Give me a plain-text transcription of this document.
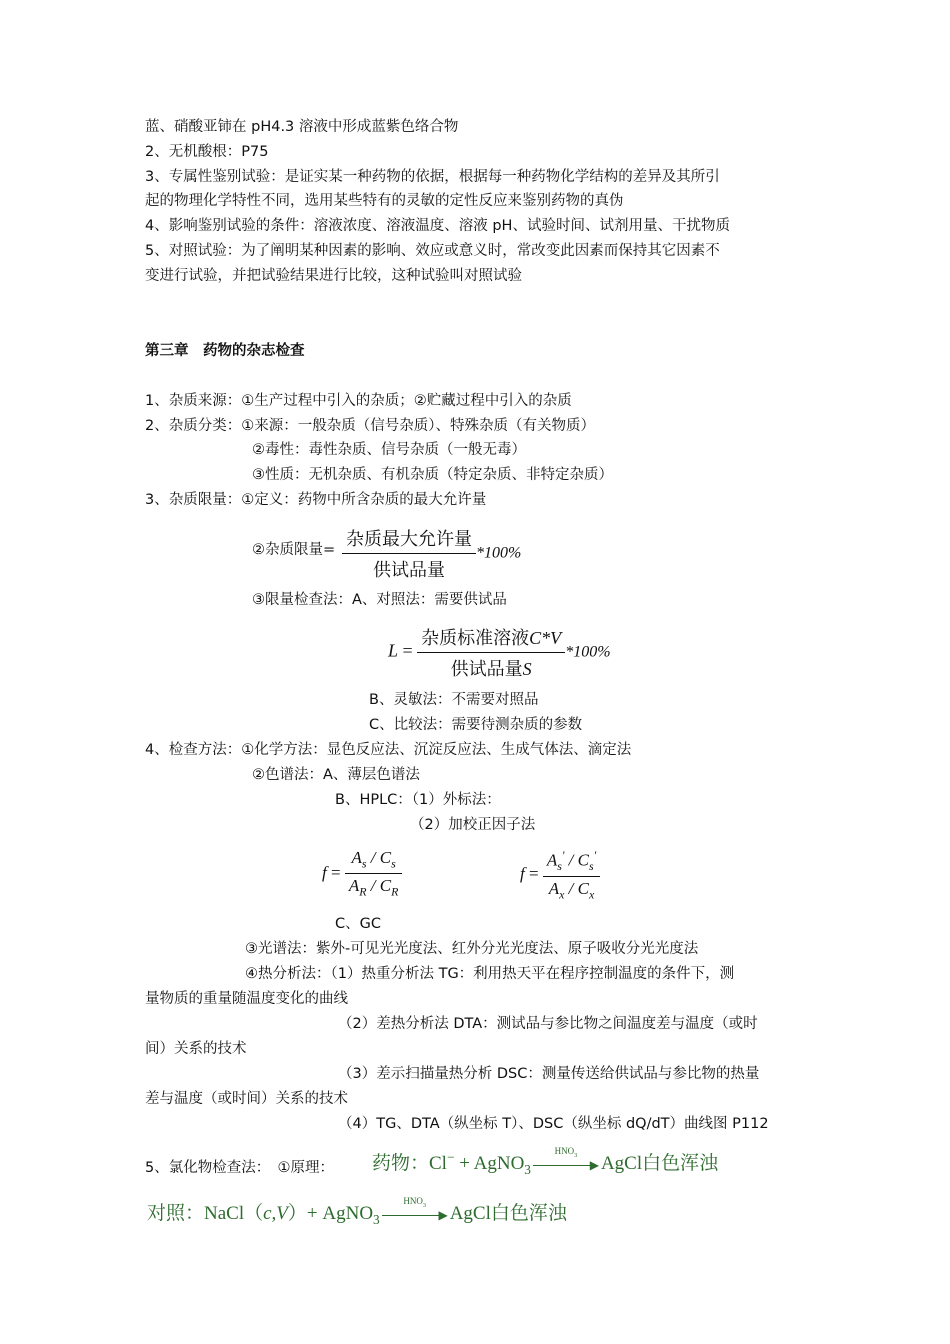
蓝、硝酸亚铈在 pH4.3 溶液中形成蓝紫色络合物
2、无机酸根：P75
3、专属性鉴别试验：是证实某一种药物的依据，根据每一种药物化学结构的差异及其所引
起的物理化学特性不同，选用某些特有的灵敏的定性反应来鉴别药物的真伪
4、影响鉴别试验的条件：溶液浓度、溶液温度、溶液 pH、试验时间、试剂用量、干扰物质
5、对照试验：为了阐明某种因素的影响、效应或意义时，常改变此因素而保持其它因素不
变进行试验，并把试验结果进行比较，这种试验叫对照试验
第三章　药物的杂志检查
1、杂质来源：①生产过程中引入的杂质；②贮藏过程中引入的杂质
2、杂质分类：①来源：一般杂质（信号杂质）、特殊杂质（有关物质）
②毒性：毒性杂质、信号杂质（一般无毒）
③性质：无机杂质、有机杂质（特定杂质、非特定杂质）
3、杂质限量：①定义：药物中所含杂质的最大允许量
②杂质限量= $\frac{\text{杂质最大允许量}}{\text{供试品量}} *100\%$
③限量检查法：A、对照法：需要供试品
$L = \frac{\text{杂质标准溶液C*V}}{\text{供试品量S}} *100\%$
B、灵敏法：不需要对照品
C、比较法：需要待测杂质的参数
4、检查方法：①化学方法：显色反应法、沉淀反应法、生成气体法、滴定法
②色谱法：A、薄层色谱法
B、HPLC：（1）外标法：
（2）加校正因子法
$f = \frac{A_s / C_s}{A_R / C_R}$	$f = \frac{A_s' / C_s'}{A_x / C_x}$
C、GC
③光谱法：紫外-可见光光度法、红外分光光度法、原子吸收分光光度法
④热分析法：（1）热重分析法 TG：利用热天平在程序控制温度的条件下，测
量物质的重量随温度变化的曲线
（2）差热分析法 DTA：测试品与参比物之间温度差与温度（或时
间）关系的技术
（3）差示扫描量热分析 DSC：测量传送给供试品与参比物的热量
差与温度（或时间）关系的技术
（4）TG、DTA（纵坐标 T）、DSC（纵坐标 dQ/dT）曲线图 P112
5、氯化物检查法：　①原理： 药物：Cl− + AgNO$_3$
$HNO_3$
▶ AgCl白色浑浊
对照：NaCl（c,V）+ AgNO$_3$
$HNO_3$
▶ AgCl白色浑浊
